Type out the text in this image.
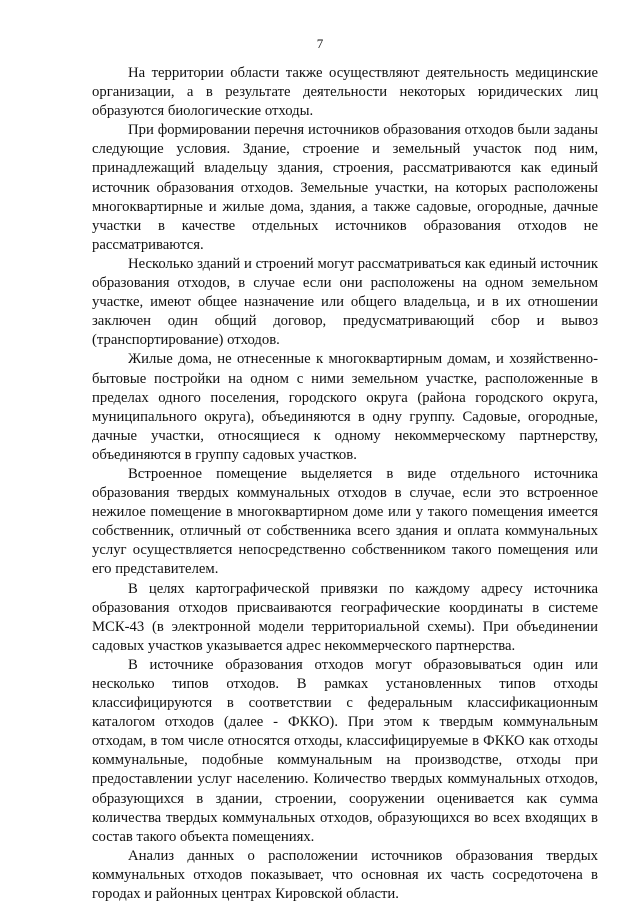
7

На территории области также осуществляют деятельность медицинские организации, а в результате деятельности некоторых юридических лиц образуются биологические отходы.

При формировании перечня источников образования отходов были заданы следующие условия. Здание, строение и земельный участок под ним, принадлежащий владельцу здания, строения, рассматриваются как единый источник образования отходов. Земельные участки, на которых расположены многоквартирные и жилые дома, здания, а также садовые, огородные, дачные участки в качестве отдельных источников образования отходов не рассматриваются.

Несколько зданий и строений могут рассматриваться как единый источник образования отходов, в случае если они расположены на одном земельном участке, имеют общее назначение или общего владельца, и в их отношении заключен один общий договор, предусматривающий сбор и вывоз (транспортирование) отходов.

Жилые дома, не отнесенные к многоквартирным домам, и хозяйственно-бытовые постройки на одном с ними земельном участке, расположенные в пределах одного поселения, городского округа (района городского округа, муниципального округа), объединяются в одну группу. Садовые, огородные, дачные участки, относящиеся к одному некоммерческому партнерству, объединяются в группу садовых участков.

Встроенное помещение выделяется в виде отдельного источника образования твердых коммунальных отходов в случае, если это встроенное нежилое помещение в многоквартирном доме или у такого помещения имеется собственник, отличный от собственника всего здания и оплата коммунальных услуг осуществляется непосредственно собственником такого помещения или его представителем.

В целях картографической привязки по каждому адресу источника образования отходов присваиваются географические координаты в системе МСК-43 (в электронной модели территориальной схемы). При объединении садовых участков указывается адрес некоммерческого партнерства.

В источнике образования отходов могут образовываться один или несколько типов отходов. В рамках установленных типов отходы классифицируются в соответствии с федеральным классификационным каталогом отходов (далее - ФККО). При этом к твердым коммунальным отходам, в том числе относятся отходы, классифицируемые в ФККО как отходы коммунальные, подобные коммунальным на производстве, отходы при предоставлении услуг населению. Количество твердых коммунальных отходов, образующихся в здании, строении, сооружении оценивается как сумма количества твердых коммунальных отходов, образующихся во всех входящих в состав такого объекта помещениях.

Анализ данных о расположении источников образования твердых коммунальных отходов показывает, что основная их часть сосредоточена в городах и районных центрах Кировской области.
